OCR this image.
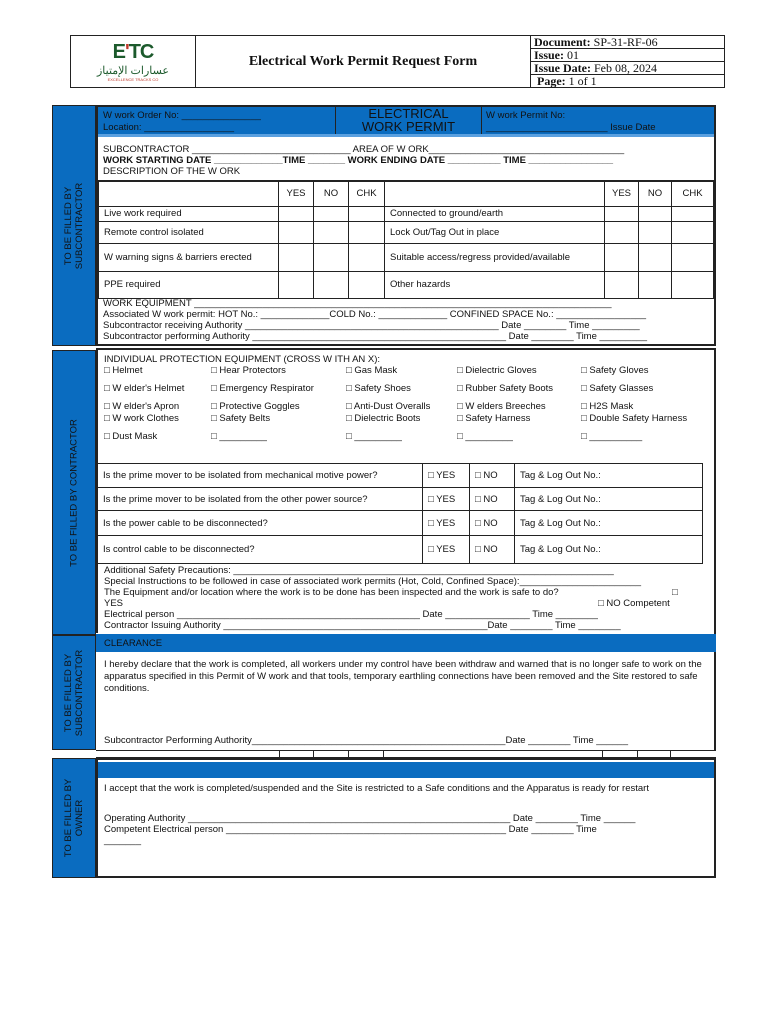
E'TC
عسارات الإمتياز
EXCELLENCE TRACKS CO
Electrical Work Permit Request Form
Document: SP-31-RF-06
Issue: 01
Issue Date: Feb 08, 2024
Page: 1 of 1
TO BE FILLED BY
SUBCONTRACTOR
TO BE FILLED BY CONTRACTOR
TO BE FILLED BY
SUBCONTRACTOR
TO BE FILLED BY
OWNER
W work Order No: _______________
Location: _________________
ELECTRICAL
WORK PERMIT
W work Permit No:
_______________________ Issue Date
SUBCONTRACTOR ______________________________ AREA OF W ORK_____________________________________
WORK STARTING DATE _____________TIME _______ WORK ENDING DATE __________ TIME ________________
DESCRIPTION OF THE W ORK
	YES	NO	CHK		YES	NO	CHK
Live work required				Connected to ground/earth			
Remote control isolated				Lock Out/Tag Out in place			
W warning signs & barriers erected				Suitable access/regress provided/available			
PPE required				Other hazards			
WORK EQUIPMENT _______________________________________________________________________________
Associated W work permit: HOT No.: _____________COLD No.: _____________ CONFINED SPACE No.: _________________
Subcontractor receiving Authority ________________________________________________ Date ________ Time _________
Subcontractor performing Authority ________________________________________________ Date ________ Time _________
INDIVIDUAL PROTECTION EQUIPMENT (CROSS W ITH AN X):
□ Helmet	□ Hear Protectors	□ Gas Mask	□ Dielectric Gloves	□ Safety Gloves
□ W elder's Helmet	□ Emergency Respirator	□ Safety Shoes	□ Rubber Safety Boots	□ Safety Glasses
□ W elder's Apron	□ Protective Goggles	□ Anti-Dust Overalls	□ W elders Breeches	□ H2S Mask
□ W work Clothes	□ Safety Belts	□ Dielectric Boots	□ Safety Harness	□ Double Safety Harness
□ Dust Mask	□ _________	□ _________	□ _________	□ __________
Is the prime mover to be isolated from mechanical motive power?	□ YES	□ NO	Tag & Log Out No.:
Is the prime mover to be isolated from the other power source?	□ YES	□ NO	Tag & Log Out No.:
Is the power cable to be disconnected?	□ YES	□ NO	Tag & Log Out No.:
Is control cable to be disconnected?	□ YES	□ NO	Tag & Log Out No.:
Additional Safety Precautions: ________________________________________________________________________
Special Instructions to be followed in case of associated work permits (Hot, Cold, Confined Space):_______________________
The Equipment and/or location where the work is to be done has been inspected and the work is safe to do?	□
YES	□ NO Competent
Electrical person ______________________________________________ Date ________________ Time ________
Contractor Issuing Authority __________________________________________________Date ________ Time ________
CLEARANCE
I hereby declare that the work is completed, all workers under my control have been withdraw and warned that is no longer safe to work on the apparatus specified in this Permit of W work and that tools, temporary earthling connections have been removed and the Site restored to safe conditions.
Subcontractor Performing Authority________________________________________________Date ________ Time ______
I accept that the work is completed/suspended and the Site is restricted to a Safe conditions and the Apparatus is ready for restart
Operating Authority _____________________________________________________________ Date ________ Time ______
Competent Electrical person _____________________________________________________ Date ________ Time
_______
